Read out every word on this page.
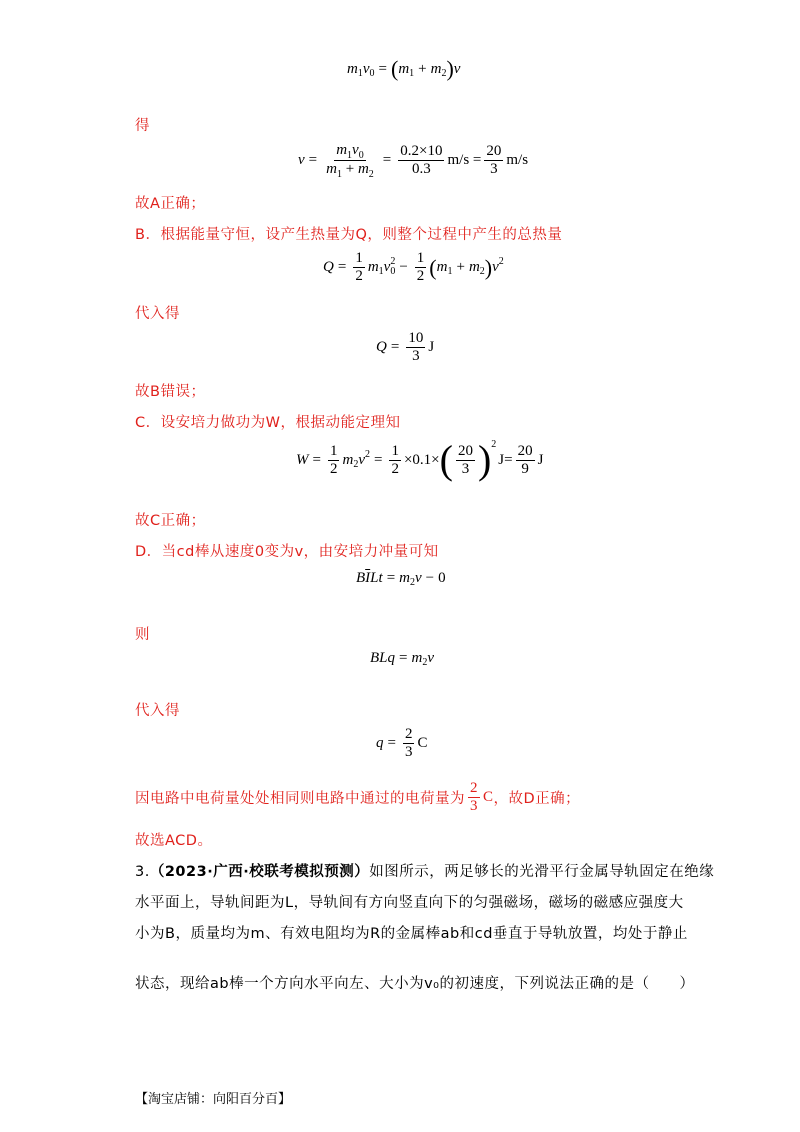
m 1 v 0 = ( m 1 + m 2 ) v
得
$v = \frac{m_1v_0}{m_1 + m_2} = \frac{0.2\times 10}{0.3} m/s = \frac{20}{3} m/s$
故A正确；
B．根据能量守恒，设产生热量为Q，则整个过程中产生的总热量
$Q = \frac{1}{2}$ m 1 v 0
$2 - \frac{1}{2}$ ( m 1 + m 2 ) v 2
代入得
$Q = \frac{10}{3}$ J
故B错误；
C．设安培力做功为W，根据动能定理知
$W = \frac{1}{2}$ m 2 v $2 = \frac{1}{2} \times 0.1\times$ ( $\frac{20}{3}$ ) 2
$J= \frac{20}{9}$ J
故C正确；
D．当cd棒从速度0变为v，由安培力冲量可知
B $\overline{I}$ Lt = m 2 v − 0
则
BLq = m 2 v
代入得
$q = \frac{2}{3}$ C
因电路中电荷量处处相同则电路中通过的电荷量为 $\frac{2}{3}$ C ，故D正确；
故选ACD。
3.（2023·广西·校联考模拟预测）如图所示，两足够长的光滑平行金属导轨固定在绝缘
水平面上，导轨间距为L，导轨间有方向竖直向下的匀强磁场，磁场的磁感应强度大
小为B，质量均为m、有效电阻均为R的金属棒ab和cd垂直于导轨放置，均处于静止
状态，现给ab棒一个方向水平向左、大小为v₀的初速度，下列说法正确的是（　　）
【淘宝店铺：向阳百分百】
